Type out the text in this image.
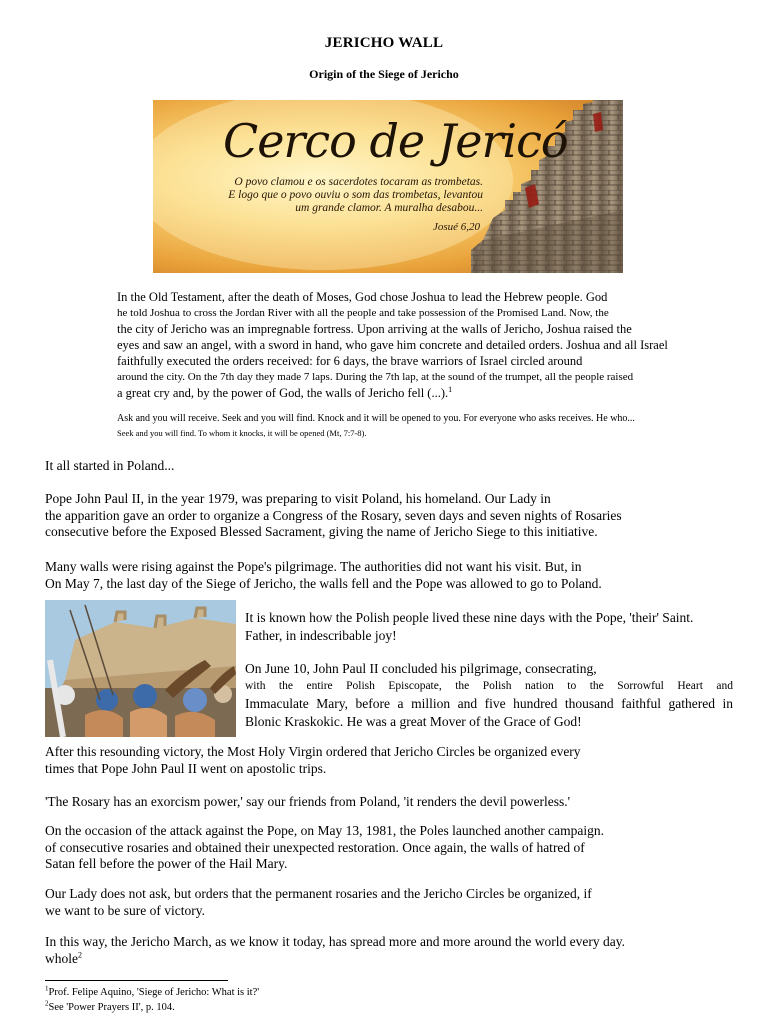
JERICHO WALL
Origin of the Siege of Jericho
Cerco de Jericó
O povo clamou e os sacerdotes tocaram as trombetas.
E logo que o povo ouviu o som das trombetas, levantou
um grande clamor. A muralha desabou...
Josué 6,20
In the Old Testament, after the death of Moses, God chose Joshua to lead the Hebrew people. God
he told Joshua to cross the Jordan River with all the people and take possession of the Promised Land. Now, the
the city of Jericho was an impregnable fortress. Upon arriving at the walls of Jericho, Joshua raised the
eyes and saw an angel, with a sword in hand, who gave him concrete and detailed orders. Joshua and all Israel
faithfully executed the orders received: for 6 days, the brave warriors of Israel circled around
around the city. On the 7th day they made 7 laps. During the 7th lap, at the sound of the trumpet, all the people raised
a great cry and, by the power of God, the walls of Jericho fell (...).$^1$
Ask and you will receive. Seek and you will find. Knock and it will be opened to you. For everyone who asks receives. He who...
Seek and you will find. To whom it knocks, it will be opened (Mt, 7:7-8).
It all started in Poland...
Pope John Paul II, in the year 1979, was preparing to visit Poland, his homeland. Our Lady in
the apparition gave an order to organize a Congress of the Rosary, seven days and seven nights of Rosaries
consecutive before the Exposed Blessed Sacrament, giving the name of Jericho Siege to this initiative.
Many walls were rising against the Pope's pilgrimage. The authorities did not want his visit. But, in
On May 7, the last day of the Siege of Jericho, the walls fell and the Pope was allowed to go to Poland.
It is known how the Polish people lived these nine days with the Pope, 'their' Saint.
Father, in indescribable joy!
On June 10, John Paul II concluded his pilgrimage, consecrating,
with the entire Polish Episcopate, the Polish nation to the Sorrowful Heart and
Immaculate Mary, before a million and five hundred thousand faithful gathered in
Blonic Kraskokic. He was a great Mover of the Grace of God!
After this resounding victory, the Most Holy Virgin ordered that Jericho Circles be organized every
times that Pope John Paul II went on apostolic trips.
'The Rosary has an exorcism power,' say our friends from Poland, 'it renders the devil powerless.'
On the occasion of the attack against the Pope, on May 13, 1981, the Poles launched another campaign.
of consecutive rosaries and obtained their unexpected restoration. Once again, the walls of hatred of
Satan fell before the power of the Hail Mary.
Our Lady does not ask, but orders that the permanent rosaries and the Jericho Circles be organized, if
we want to be sure of victory.
In this way, the Jericho March, as we know it today, has spread more and more around the world every day.
whole$^2$
$^1$Prof. Felipe Aquino, 'Siege of Jericho: What is it?'
$^2$See 'Power Prayers II', p. 104.
